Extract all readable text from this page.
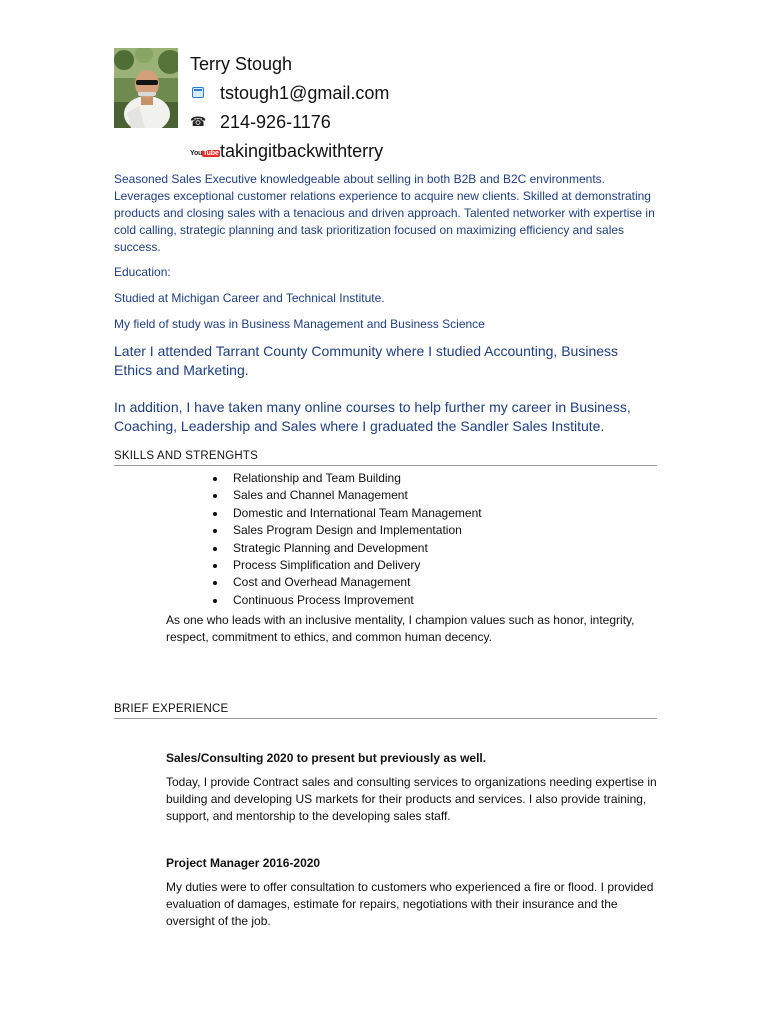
Terry Stough
tstough1@gmail.com
☎ 214-926-1176
YouTube takingitbackwithterry

Seasoned Sales Executive knowledgeable about selling in both B2B and B2C environments. Leverages exceptional customer relations experience to acquire new clients. Skilled at demonstrating products and closing sales with a tenacious and driven approach. Talented networker with expertise in cold calling, strategic planning and task prioritization focused on maximizing efficiency and sales success.

Education:
Studied at Michigan Career and Technical Institute.
My field of study was in Business Management and Business Science
Later I attended Tarrant County Community where I studied Accounting, Business Ethics and Marketing.
In addition, I have taken many online courses to help further my career in Business, Coaching, Leadership and Sales where I graduated the Sandler Sales Institute.
SKILLS AND STRENGHTS
Relationship and Team Building
Sales and Channel Management
Domestic and International Team Management
Sales Program Design and Implementation
Strategic Planning and Development
Process Simplification and Delivery
Cost and Overhead Management
Continuous Process Improvement
As one who leads with an inclusive mentality, I champion values such as honor, integrity, respect, commitment to ethics, and common human decency.
BRIEF EXPERIENCE
Sales/Consulting 2020 to present but previously as well.
Today, I provide Contract sales and consulting services to organizations needing expertise in building and developing US markets for their products and services. I also provide training, support, and mentorship to the developing sales staff.
Project Manager 2016-2020
My duties were to offer consultation to customers who experienced a fire or flood. I provided evaluation of damages, estimate for repairs, negotiations with their insurance and the oversight of the job.
